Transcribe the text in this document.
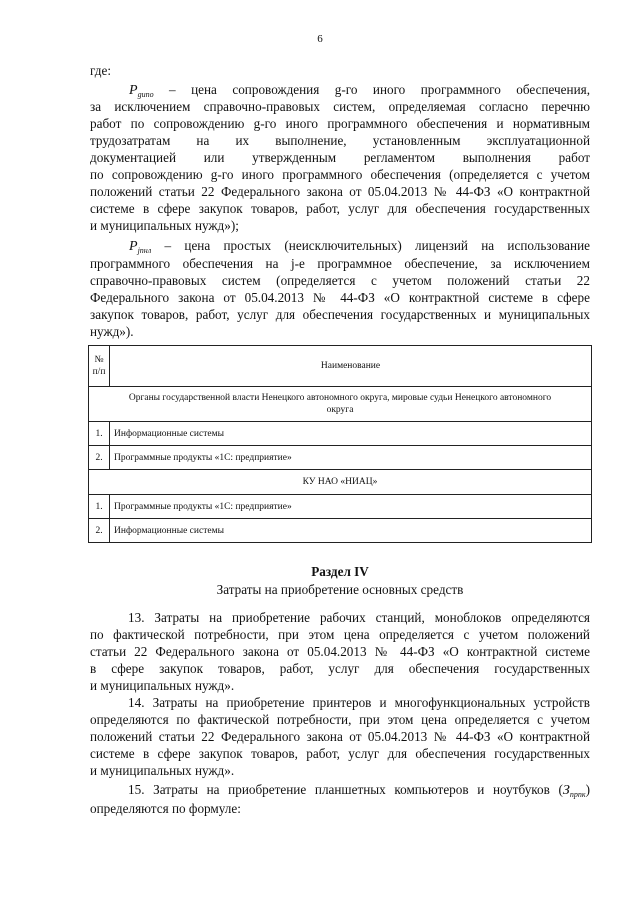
6
где:
$P_{gипо}$ – цена сопровождения g-го иного программного обеспечения,
за исключением справочно-правовых систем, определяемая согласно перечню
работ по сопровождению g-го иного программного обеспечения и нормативным
трудозатратам на их выполнение, установленным эксплуатационной
документацией или утвержденным регламентом выполнения работ
по сопровождению g-го иного программного обеспечения (определяется с учетом
положений статьи 22 Федерального закона от 05.04.2013 № 44-ФЗ «О контрактной
системе в сфере закупок товаров, работ, услуг для обеспечения государственных
и муниципальных нужд»);
$P_{jпнл}$ – цена простых (неисключительных) лицензий на использование
программного обеспечения на j-е программное обеспечение, за исключением
справочно-правовых систем (определяется с учетом положений статьи 22
Федерального закона от 05.04.2013 № 44-ФЗ «О контрактной системе в сфере
закупок товаров, работ, услуг для обеспечения государственных и муниципальных
нужд»).
№
п/п	Наименование
Органы государственной власти Ненецкого автономного округа, мировые судьи Ненецкого автономного
округа	
1.	Информационные системы
2.	Программные продукты «1С: предприятие»
КУ НАО «НИАЦ»	
1.	Программные продукты «1С: предприятие»
2.	Информационные системы
Раздел IV
Затраты на приобретение основных средств
13. Затраты на приобретение рабочих станций, моноблоков определяются
по фактической потребности, при этом цена определяется с учетом положений
статьи 22 Федерального закона от 05.04.2013 № 44-ФЗ «О контрактной системе
в сфере закупок товаров, работ, услуг для обеспечения государственных
и муниципальных нужд».
14. Затраты на приобретение принтеров и многофункциональных устройств
определяются по фактической потребности, при этом цена определяется с учетом
положений статьи 22 Федерального закона от 05.04.2013 № 44-ФЗ «О контрактной
системе в сфере закупок товаров, работ, услуг для обеспечения государственных
и муниципальных нужд».
15. Затраты на приобретение планшетных компьютеров и ноутбуков $(З_{прпк})$
определяются по формуле:
